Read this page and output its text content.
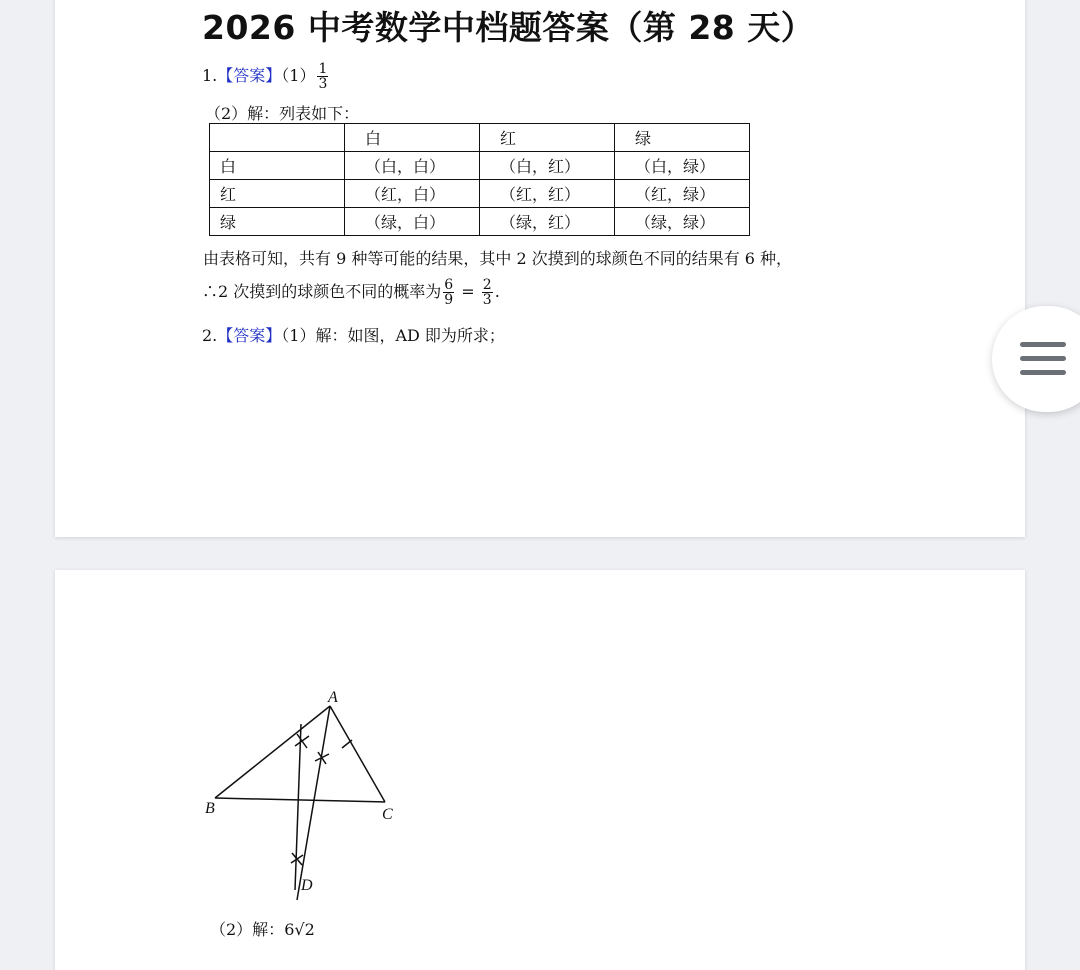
2026 中考数学中档题答案（第 28 天）
1.【答案】$(1) \frac{1}{3}$
（2）解：列表如下：
	白	红	绿
白	（白，白）	（白，红）	（白，绿）
红	（红，白）	（红，红）	（红，绿）
绿	（绿，白）	（绿，红）	（绿，绿）
由表格可知，共有 9 种等可能的结果，其中 2 次摸到的球颜色不同的结果有 6 种，
∴2 次摸到的球颜色不同的概率为 $\frac{6}{9} = \frac{2}{3}$ .
2.【答案】（1）解：如图，AD 即为所求；
A
B	C
D
（2）解：6√2
